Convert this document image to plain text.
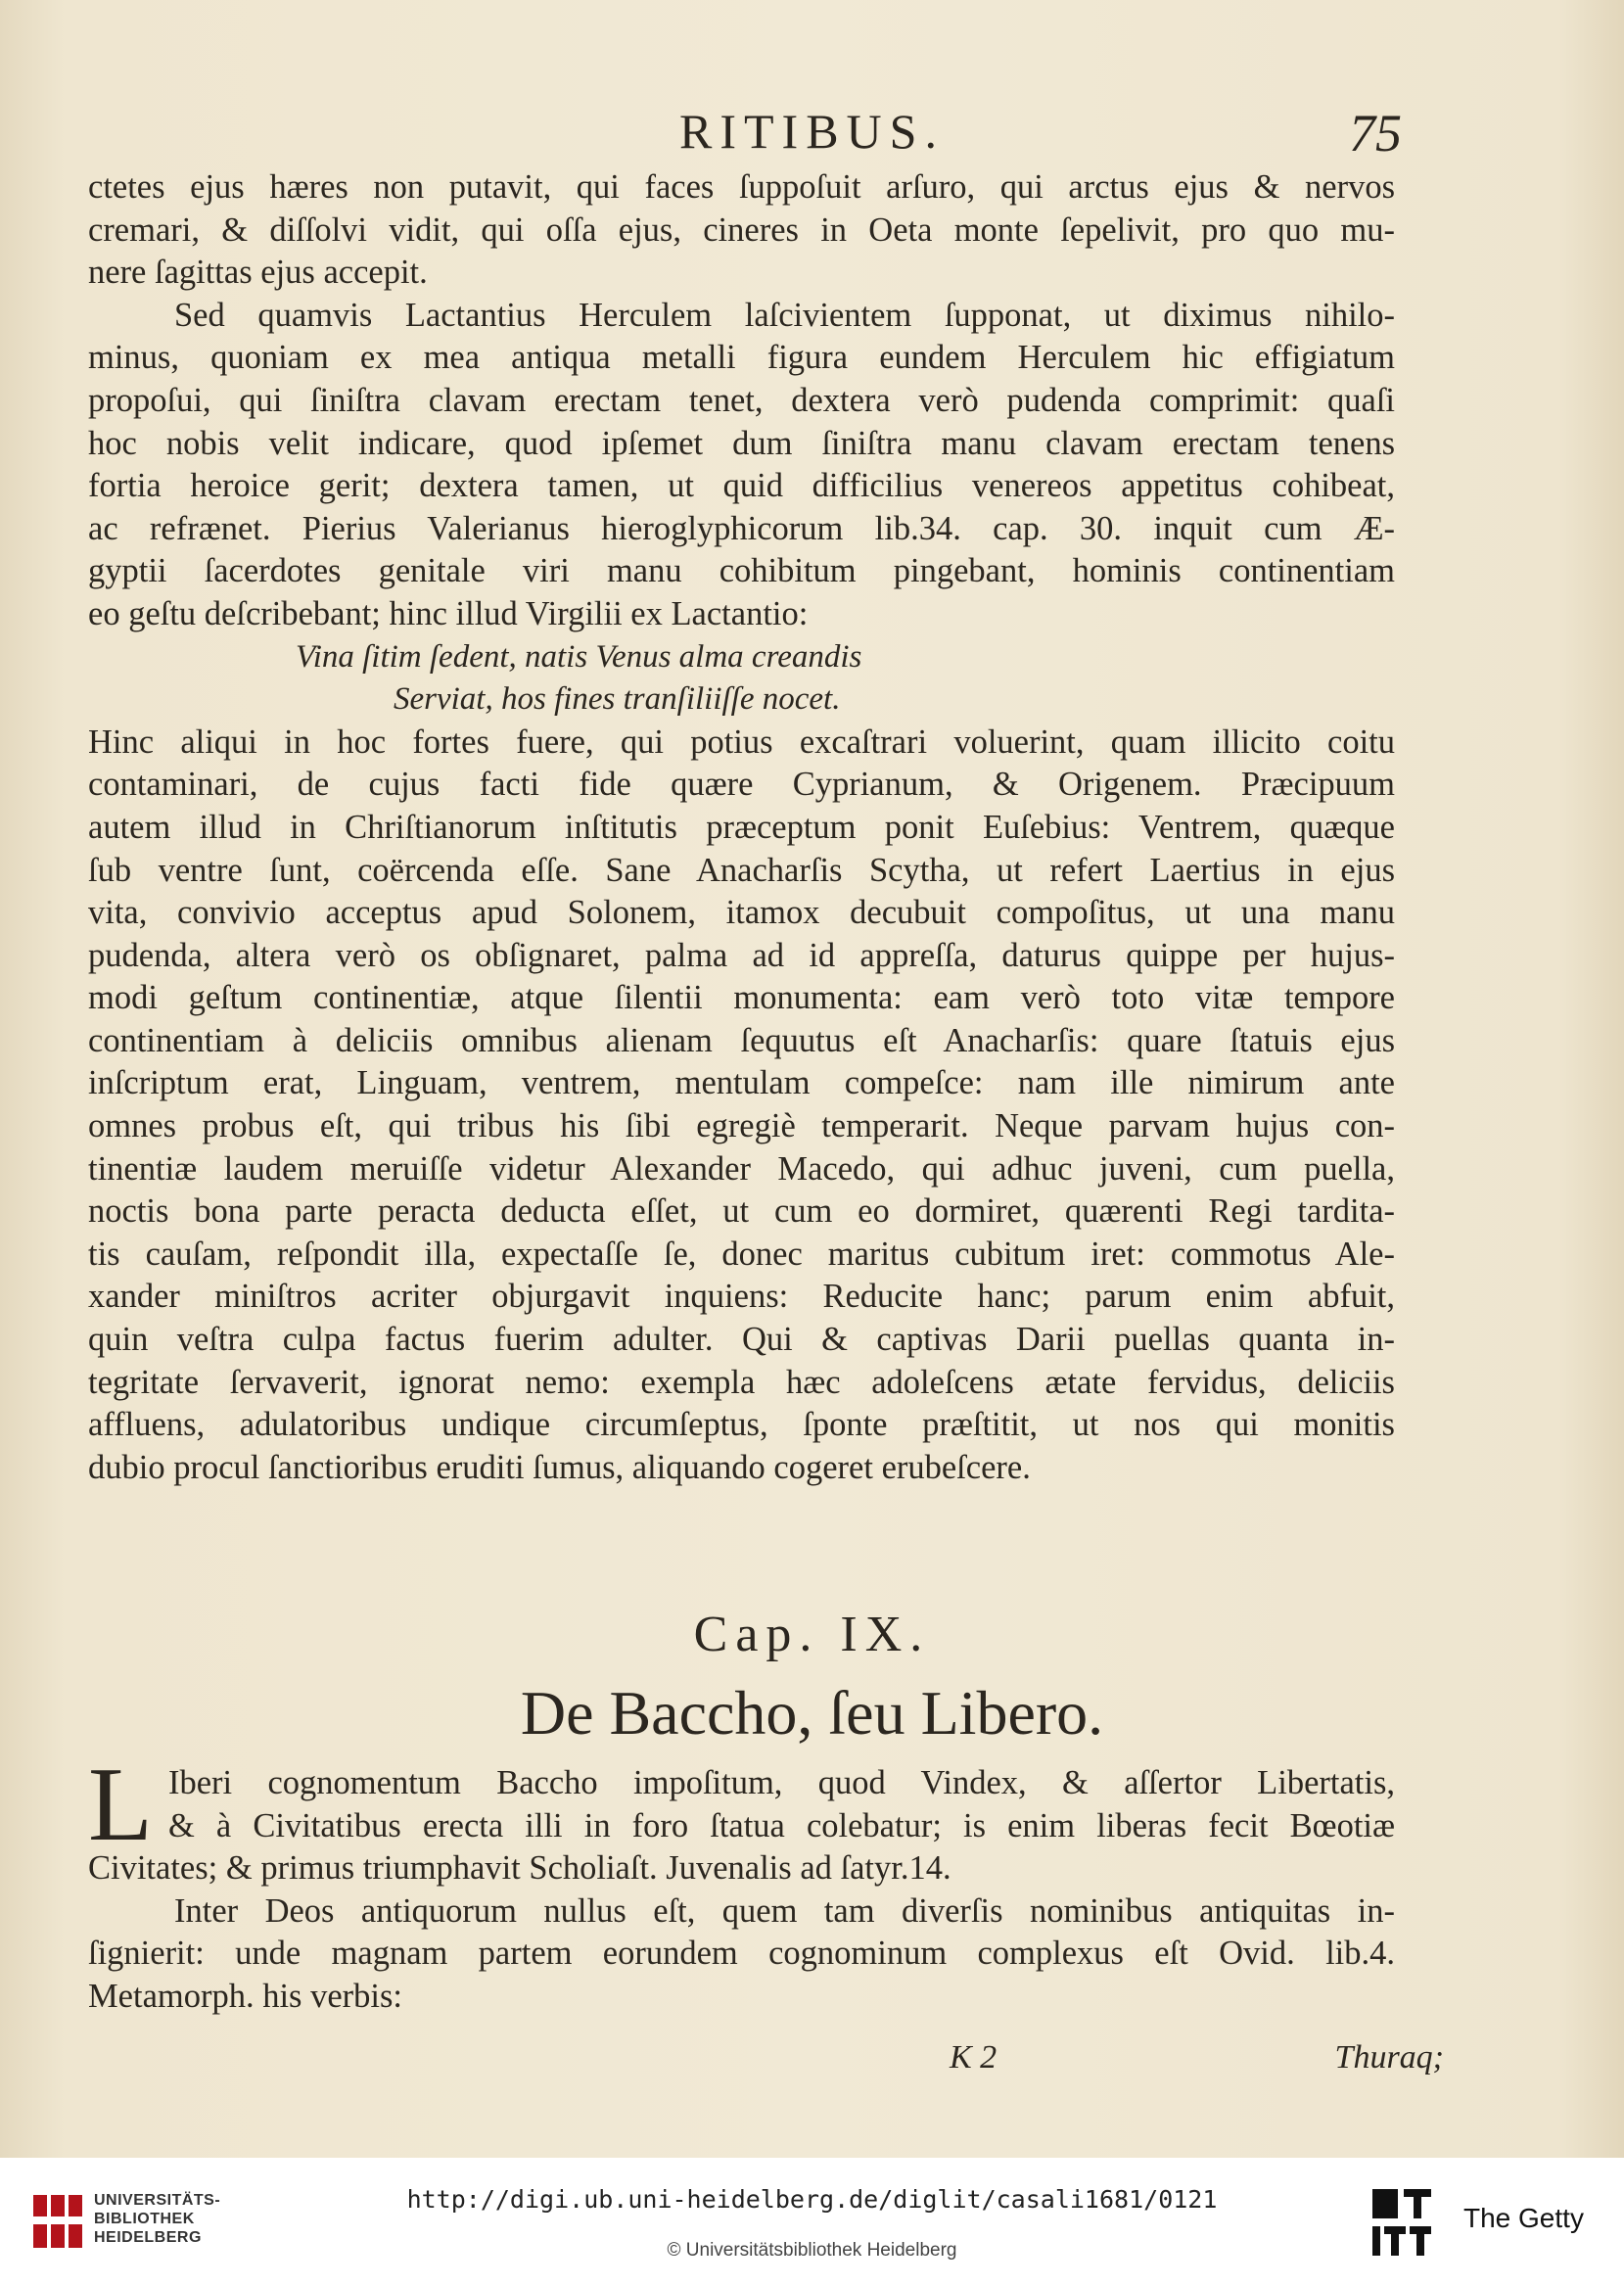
RITIBUS.	75
ctetes ejus hæres non putavit, qui faces ſuppoſuit arſuro, qui arctus ejus & nervos
cremari, & diſſolvi vidit, qui oſſa ejus, cineres in Oeta monte ſepelivit, pro quo mu-
nere ſagittas ejus accepit.
Sed quamvis Lactantius Herculem laſcivientem ſupponat, ut diximus nihilo-
minus, quoniam ex mea antiqua metalli figura eundem Herculem hic effigiatum
propoſui, qui ſiniſtra clavam erectam tenet, dextera verò pudenda comprimit: quaſi
hoc nobis velit indicare, quod ipſemet dum ſiniſtra manu clavam erectam tenens
fortia heroice gerit; dextera tamen, ut quid difficilius venereos appetitus cohibeat,
ac refrænet. Pierius Valerianus hieroglyphicorum lib.34. cap. 30. inquit cum Æ-
gyptii ſacerdotes genitale viri manu cohibitum pingebant, hominis continentiam
eo geſtu deſcribebant; hinc illud Virgilii ex Lactantio:
Vina ſitim ſedent, natis Venus alma creandis
Serviat, hos fines tranſiliiſſe nocet.
Hinc aliqui in hoc fortes fuere, qui potius excaſtrari voluerint, quam illicito coitu
contaminari, de cujus facti fide quære Cyprianum, & Origenem. Præcipuum
autem illud in Chriſtianorum inſtitutis præceptum ponit Euſebius: Ventrem, quæque
ſub ventre ſunt, coërcenda eſſe. Sane Anacharſis Scytha, ut refert Laertius in ejus
vita, convivio acceptus apud Solonem, itamox decubuit compoſitus, ut una manu
pudenda, altera verò os obſignaret, palma ad id appreſſa, daturus quippe per hujus-
modi geſtum continentiæ, atque ſilentii monumenta: eam verò toto vitæ tempore
continentiam à deliciis omnibus alienam ſequutus eſt Anacharſis: quare ſtatuis ejus
inſcriptum erat, Linguam, ventrem, mentulam compeſce: nam ille nimirum ante
omnes probus eſt, qui tribus his ſibi egregiè temperarit. Neque parvam hujus con-
tinentiæ laudem meruiſſe videtur Alexander Macedo, qui adhuc juveni, cum puella,
noctis bona parte peracta deducta eſſet, ut cum eo dormiret, quærenti Regi tardita-
tis cauſam, reſpondit illa, expectaſſe ſe, donec maritus cubitum iret: commotus Ale-
xander miniſtros acriter objurgavit inquiens: Reducite hanc; parum enim abfuit,
quin veſtra culpa factus fuerim adulter. Qui & captivas Darii puellas quanta in-
tegritate ſervaverit, ignorat nemo: exempla hæc adoleſcens ætate fervidus, deliciis
affluens, adulatoribus undique circumſeptus, ſponte præſtitit, ut nos qui monitis
dubio procul ſanctioribus eruditi ſumus, aliquando cogeret erubeſcere.
Cap. IX.
De Baccho, ſeu Libero.
L Iberi cognomentum Baccho impoſitum, quod Vindex, & aſſertor Libertatis,
& à Civitatibus erecta illi in foro ſtatua colebatur; is enim liberas fecit Bœotiæ
Civitates; & primus triumphavit Scholiaſt. Juvenalis ad ſatyr.14.
Inter Deos antiquorum nullus eſt, quem tam diverſis nominibus antiquitas in-
ſignierit: unde magnam partem eorundem cognominum complexus eſt Ovid. lib.4.
Metamorph. his verbis:
K 2	Thuraq;
UNIVERSITÄTS-
BIBLIOTHEK
HEIDELBERG
http://digi.ub.uni-heidelberg.de/diglit/casali1681/0121
© Universitätsbibliothek Heidelberg
The Getty
